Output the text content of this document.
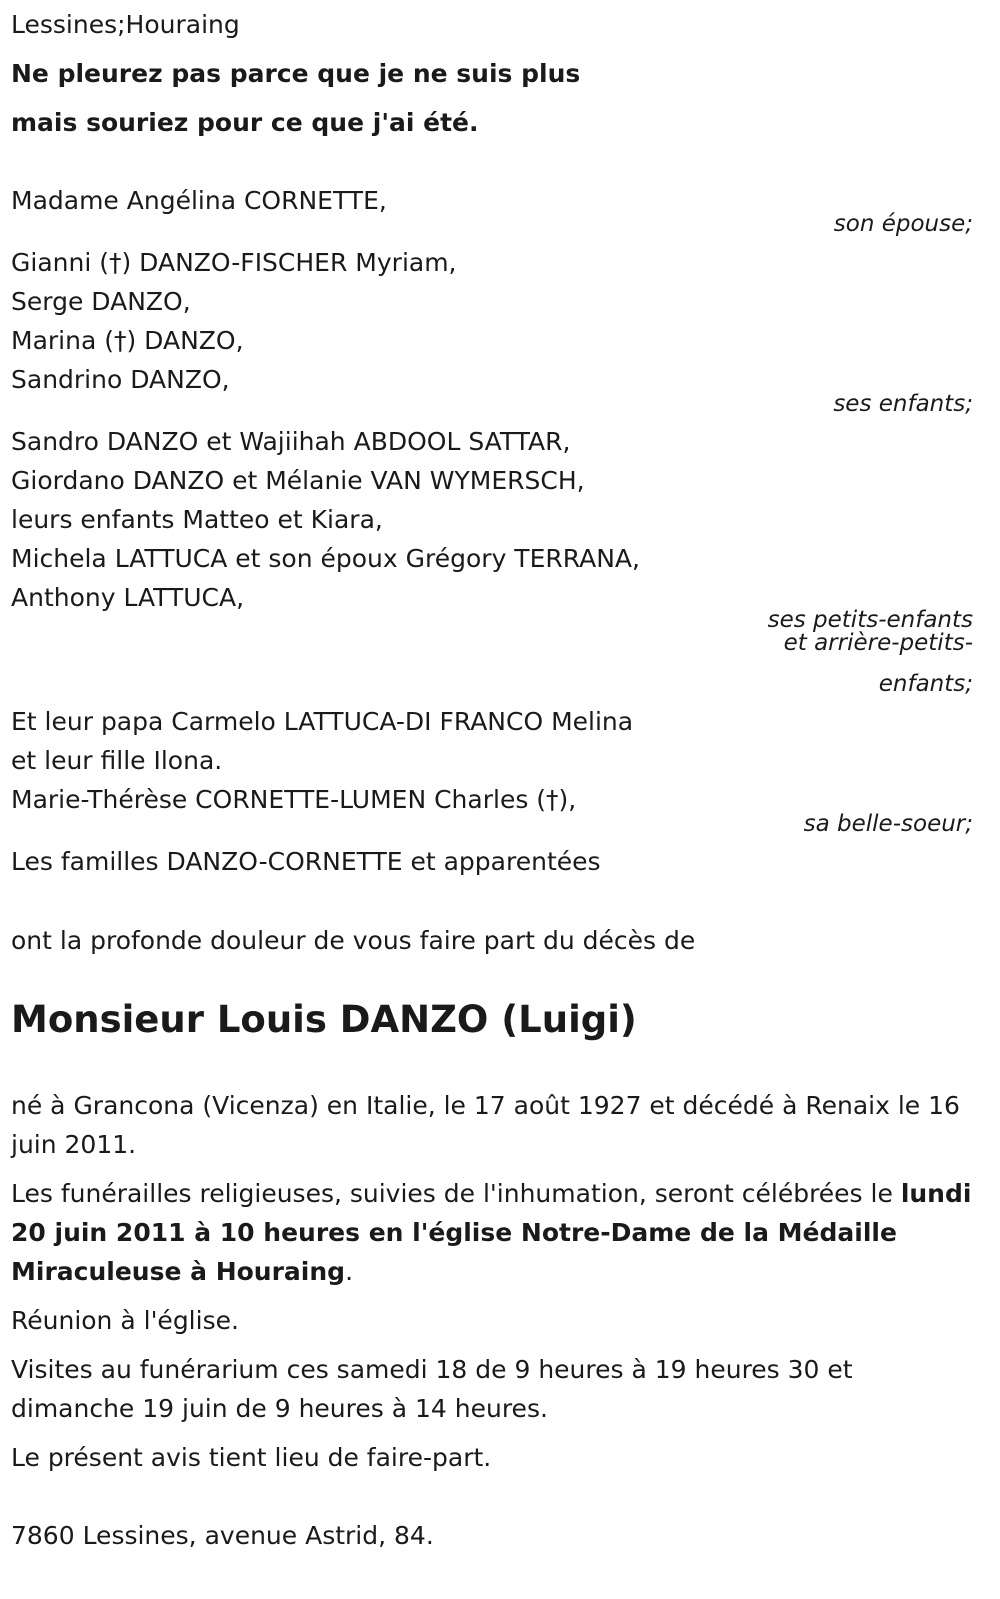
Lessines;Houraing
Ne pleurez pas parce que je ne suis plus
mais souriez pour ce que j'ai été.
Madame Angélina CORNETTE,
son épouse;
Gianni (†) DANZO-FISCHER Myriam,
Serge DANZO,
Marina (†) DANZO,
Sandrino DANZO,
ses enfants;
Sandro DANZO et Wajiihah ABDOOL SATTAR,
Giordano DANZO et Mélanie VAN WYMERSCH,
leurs enfants Matteo et Kiara,
Michela LATTUCA et son époux Grégory TERRANA,
Anthony LATTUCA,
ses petits-enfants
et arrière-petits-
enfants;
Et leur papa Carmelo LATTUCA-DI FRANCO Melina
et leur fille Ilona.
Marie-Thérèse CORNETTE-LUMEN Charles (†),
sa belle-soeur;
Les familles DANZO-CORNETTE et apparentées
ont la profonde douleur de vous faire part du décès de
Monsieur Louis DANZO (Luigi)
né à Grancona (Vicenza) en Italie, le 17 août 1927 et décédé à Renaix le 16 juin 2011.
Les funérailles religieuses, suivies de l'inhumation, seront célébrées le lundi 20 juin 2011 à 10 heures en l'église Notre-Dame de la Médaille Miraculeuse à Houraing.
Réunion à l'église.
Visites au funérarium ces samedi 18 de 9 heures à 19 heures 30 et dimanche 19 juin de 9 heures à 14 heures.
Le présent avis tient lieu de faire-part.
7860 Lessines, avenue Astrid, 84.
